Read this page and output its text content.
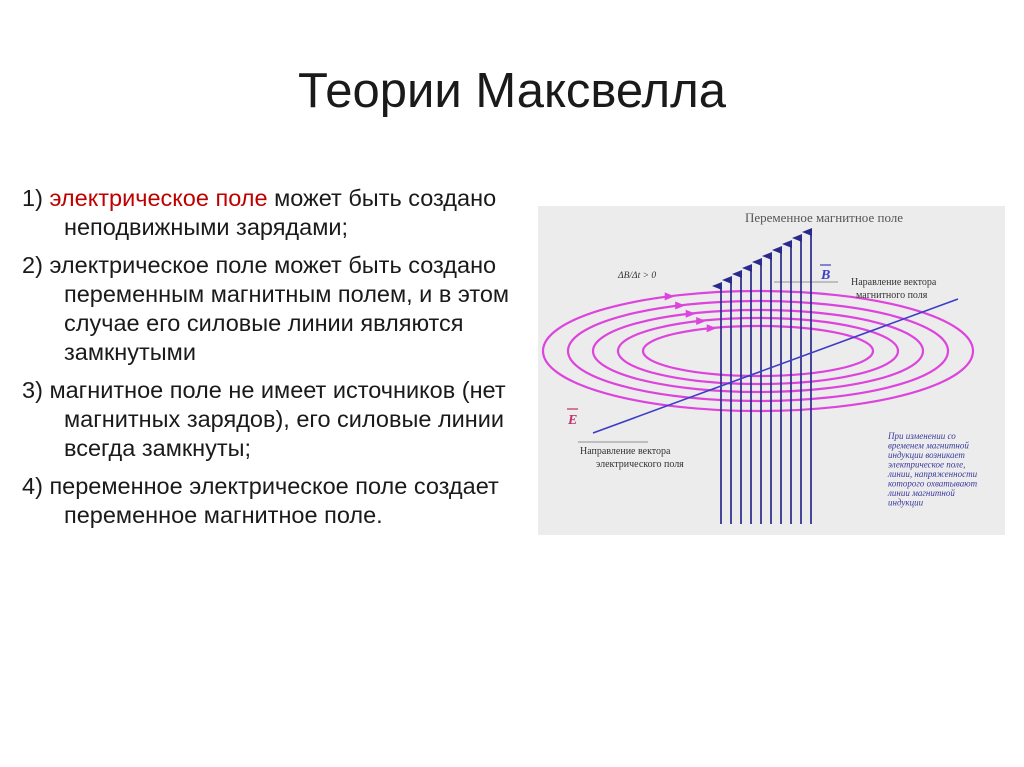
Теории Максвелла
1) электрическое поле может быть создано неподвижными зарядами;
2) электрическое поле может быть создано переменным магнитным полем, и в этом случае его силовые линии являются замкнутыми
3) магнитное поле не имеет источников (нет магнитных зарядов), его силовые линии всегда замкнуты;
4) переменное электрическое поле создает переменное магнитное поле.
Переменное магнитное поле
ΔB/Δt > 0	B Наравление вектора
магнитного поля
E
Направление вектора
электрического поля
При изменении со
временем магнитной
индукции возникает
электрическое поле,
линии, напряженности
которого охватывают
линии магнитной
индукции
